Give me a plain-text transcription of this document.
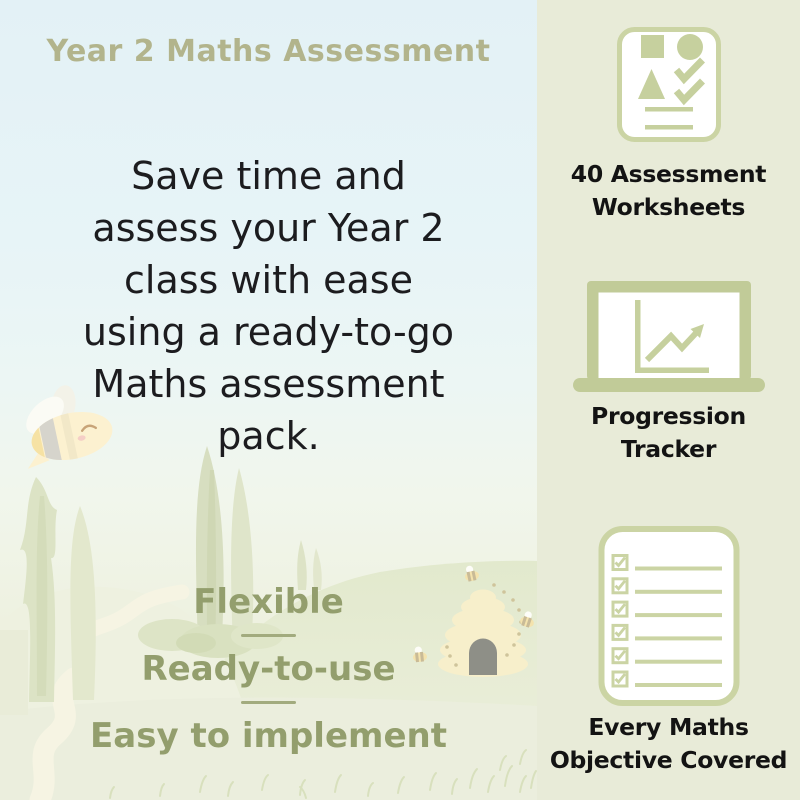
Year 2 Maths Assessment
Save time and
assess your Year 2
class with ease
using a ready-to-go
Maths assessment
pack.
Flexible
Ready-to-use
Easy to implement
40 Assessment
Worksheets
Progression
Tracker
Every Maths
Objective Covered
